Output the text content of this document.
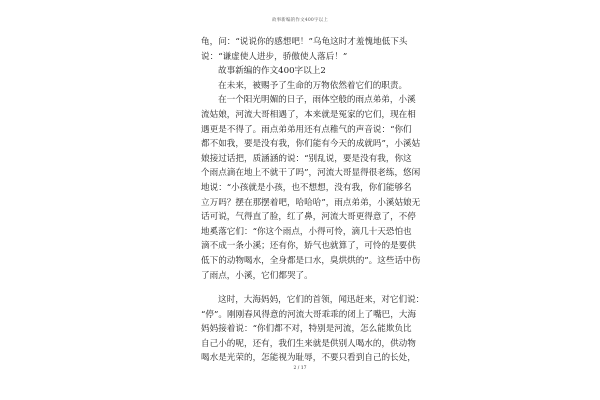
故事新编的作文400字以上
龟，问：“说说你的感想吧！”乌龟这时才羞愧地低下头
说：“谦虚使人进步，骄傲使人落后！”
故事新编的作文400字以上2
在未来，被赐予了生命的万物依然着它们的职责。
在一个阳光明媚的日子，雨体空般的雨点弟弟，小溪
流姑娘，河流大哥相遇了，本来就是冤家的它们，现在相
遇更是不得了。雨点弟弟用还有点稚气的声音说：“你们
都不如我，要是没有我，你们能有今天的成就吗”，小溪姑
娘接过话把，质涵涵的说：“别乱说，要是没有我，你这
个雨点滴在地上不就干了吗”，河流大哥显得很老练，悠闲
地说：“小孩就是小孩，也不想想，没有我，你们能够名
立万吗？摆在那摆着吧，哈哈哈”，雨点弟弟，小溪姑娘无
话可说，气得直了脸，红了鼻，河流大哥更得意了，不停
地奚落它们：“你这个雨点，小得可怜，滴几十天恐怕也
滴不成一条小溪；还有你，娇气也就算了，可怜的是要供
低下的动物喝水，全身都是口水，臭烘烘的”。这些话中伤
了雨点，小溪，它们都哭了。
这时，大海妈妈，它们的首领，闻迅赶来，对它们说：
“停”。刚刚春风得意的河流大哥乖乖的闭上了嘴巴，大海
妈妈接着说：“你们都不对，特别是河流，怎么能欺负比
自己小的呢，还有，我们生来就是供别人喝水的，供动物
喝水是光荣的，怎能视为耻辱，不要只看到自己的长处，
2 / 17
